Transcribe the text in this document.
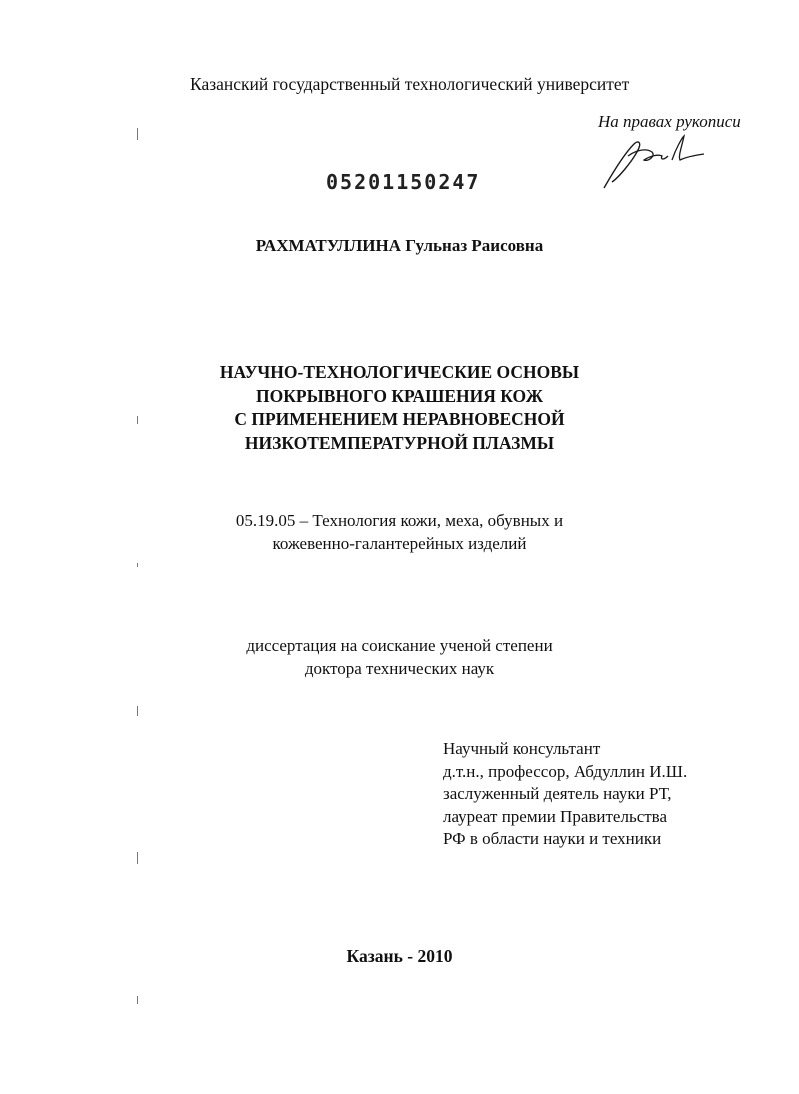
Казанский государственный технологический университет
На правах рукописи
05201150247
РАХМАТУЛЛИНА Гульназ Раисовна
НАУЧНО-ТЕХНОЛОГИЧЕСКИЕ ОСНОВЫ
ПОКРЫВНОГО КРАШЕНИЯ КОЖ
С ПРИМЕНЕНИЕМ НЕРАВНОВЕСНОЙ
НИЗКОТЕМПЕРАТУРНОЙ ПЛАЗМЫ
05.19.05 – Технология кожи, меха, обувных и
кожевенно-галантерейных изделий
диссертация на соискание ученой степени
доктора технических наук
Научный консультант
д.т.н., профессор, Абдуллин И.Ш.
заслуженный деятель науки РТ,
лауреат премии Правительства
РФ в области науки и техники
Казань - 2010
